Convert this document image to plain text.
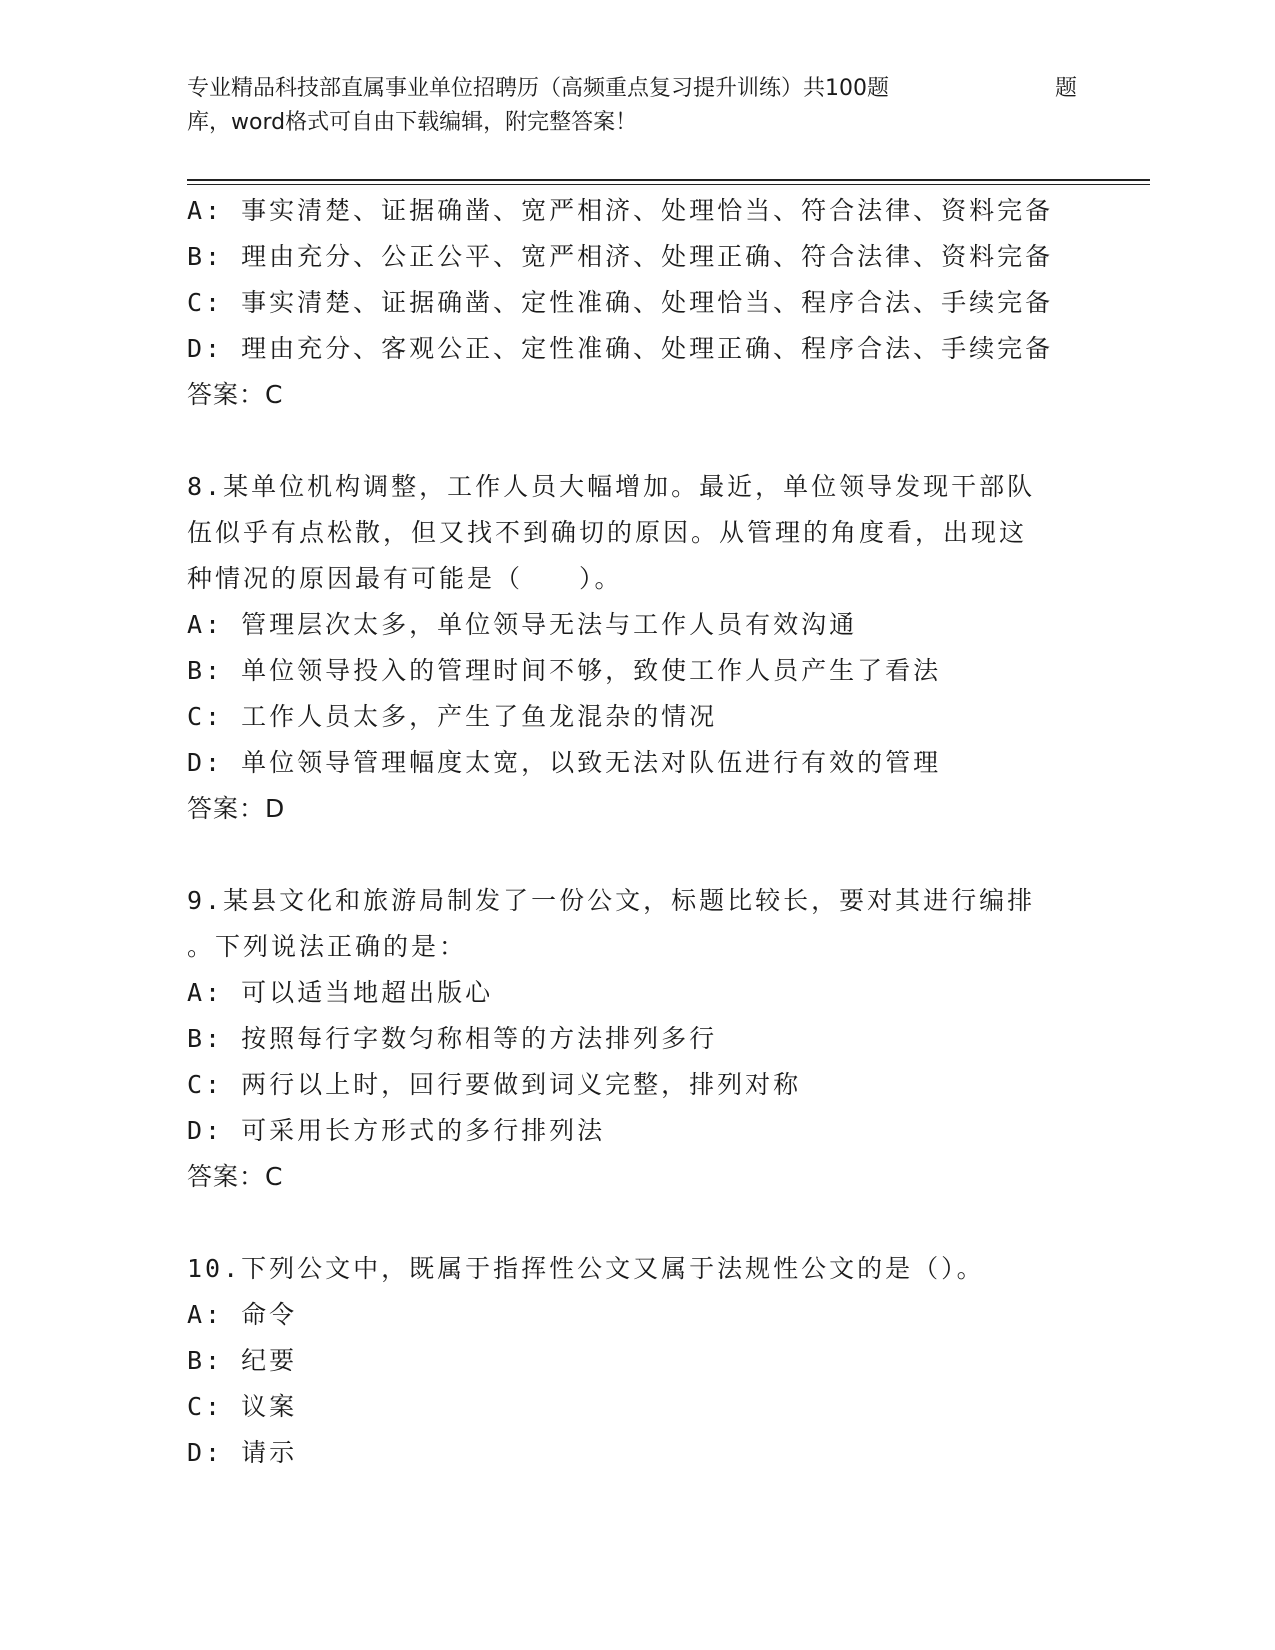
专业精品科技部直属事业单位招聘历（高频重点复习提升训练）共100题	题
库，word格式可自由下载编辑，附完整答案！
A: 事实清楚、证据确凿、宽严相济、处理恰当、符合法律、资料完备
B: 理由充分、公正公平、宽严相济、处理正确、符合法律、资料完备
C: 事实清楚、证据确凿、定性准确、处理恰当、程序合法、手续完备
D: 理由充分、客观公正、定性准确、处理正确、程序合法、手续完备
答案：C
8.某单位机构调整，工作人员大幅增加。最近，单位领导发现干部队
伍似乎有点松散，但又找不到确切的原因。从管理的角度看，出现这
种情况的原因最有可能是（　　）。
A: 管理层次太多，单位领导无法与工作人员有效沟通
B: 单位领导投入的管理时间不够，致使工作人员产生了看法
C: 工作人员太多，产生了鱼龙混杂的情况
D: 单位领导管理幅度太宽，以致无法对队伍进行有效的管理
答案：D
9.某县文化和旅游局制发了一份公文，标题比较长，要对其进行编排
。下列说法正确的是：
A: 可以适当地超出版心
B: 按照每行字数匀称相等的方法排列多行
C: 两行以上时，回行要做到词义完整，排列对称
D: 可采用长方形式的多行排列法
答案：C
10.下列公文中，既属于指挥性公文又属于法规性公文的是（）。
A: 命令
B: 纪要
C: 议案
D: 请示
